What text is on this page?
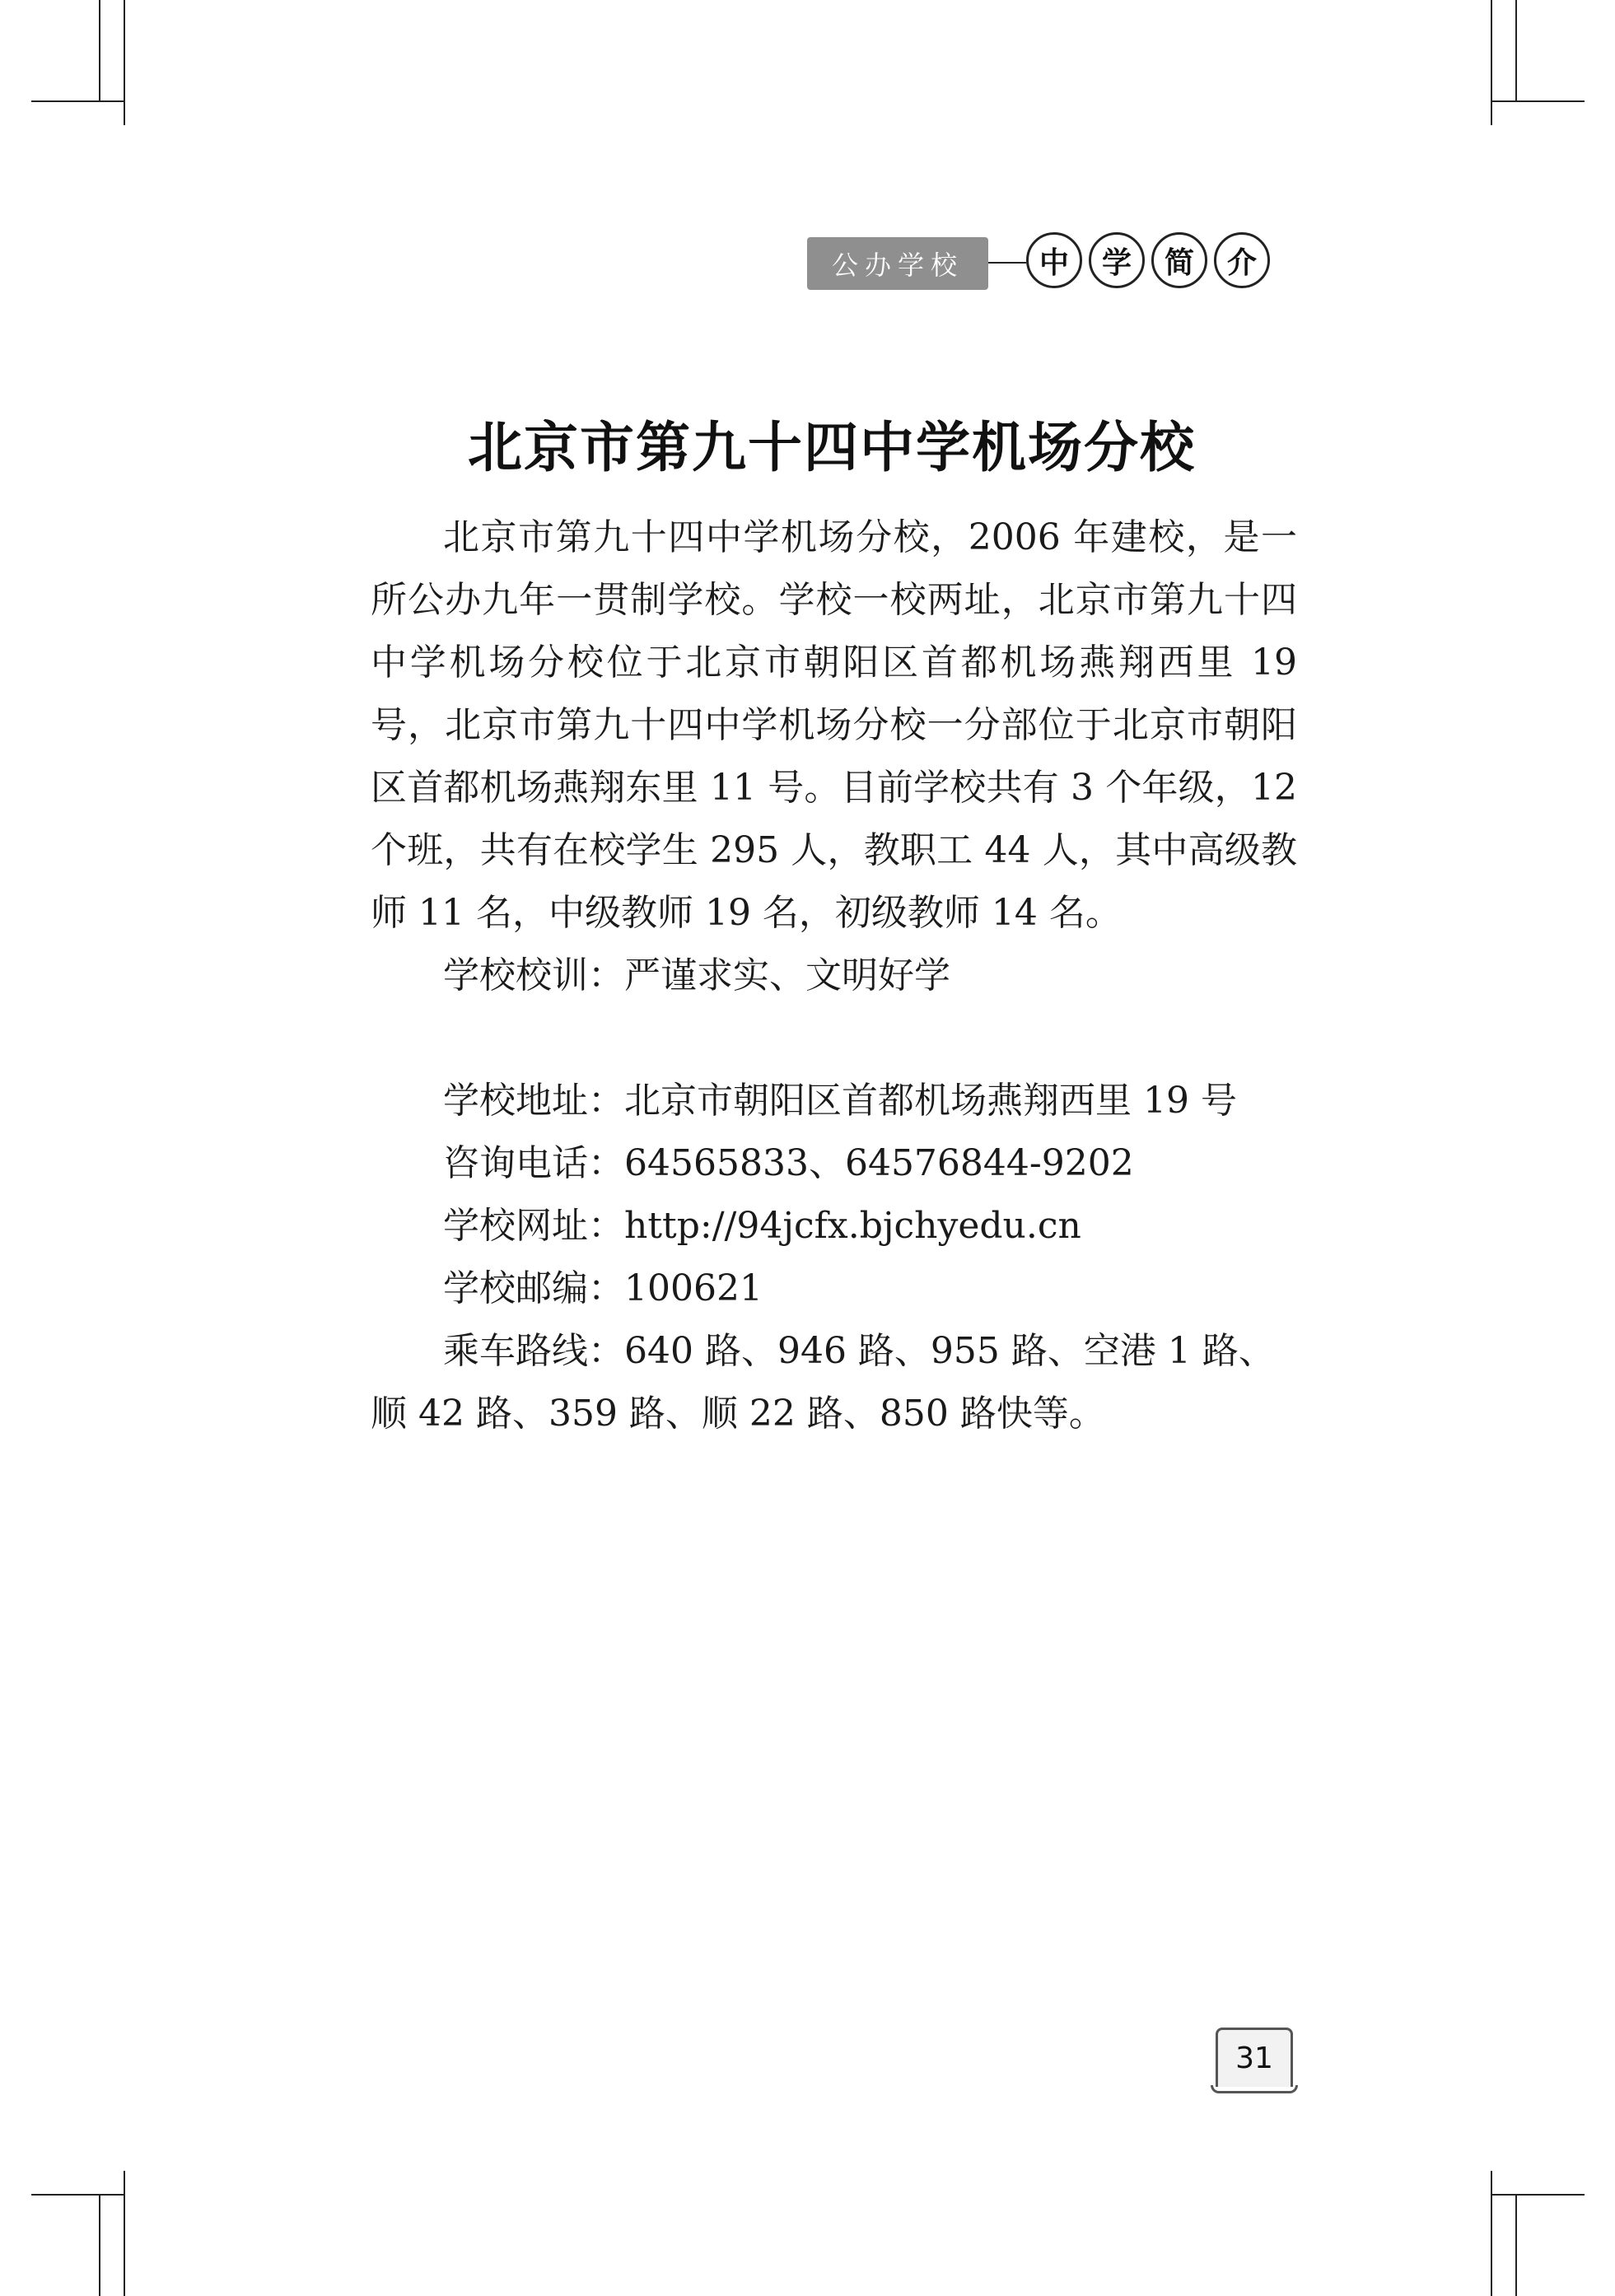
公办学校	中	学	简	介
北京市第九十四中学机场分校

北京市第九十四中学机场分校，2006 年建校，是一所公办九年一贯制学校。学校一校两址，北京市第九十四中学机场分校位于北京市朝阳区首都机场燕翔西里 19 号，北京市第九十四中学机场分校一分部位于北京市朝阳区首都机场燕翔东里 11 号。目前学校共有 3 个年级，12 个班，共有在校学生 295 人，教职工 44 人，其中高级教师 11 名，中级教师 19 名，初级教师 14 名。

学校校训：严谨求实、文明好学

学校地址：北京市朝阳区首都机场燕翔西里 19 号

咨询电话：64565833、64576844-9202

学校网址：http://94jcfx.bjchyedu.cn

学校邮编：100621

乘车路线：640 路、946 路、955 路、空港 1 路、顺 42 路、359 路、顺 22 路、850 路快等。

31
